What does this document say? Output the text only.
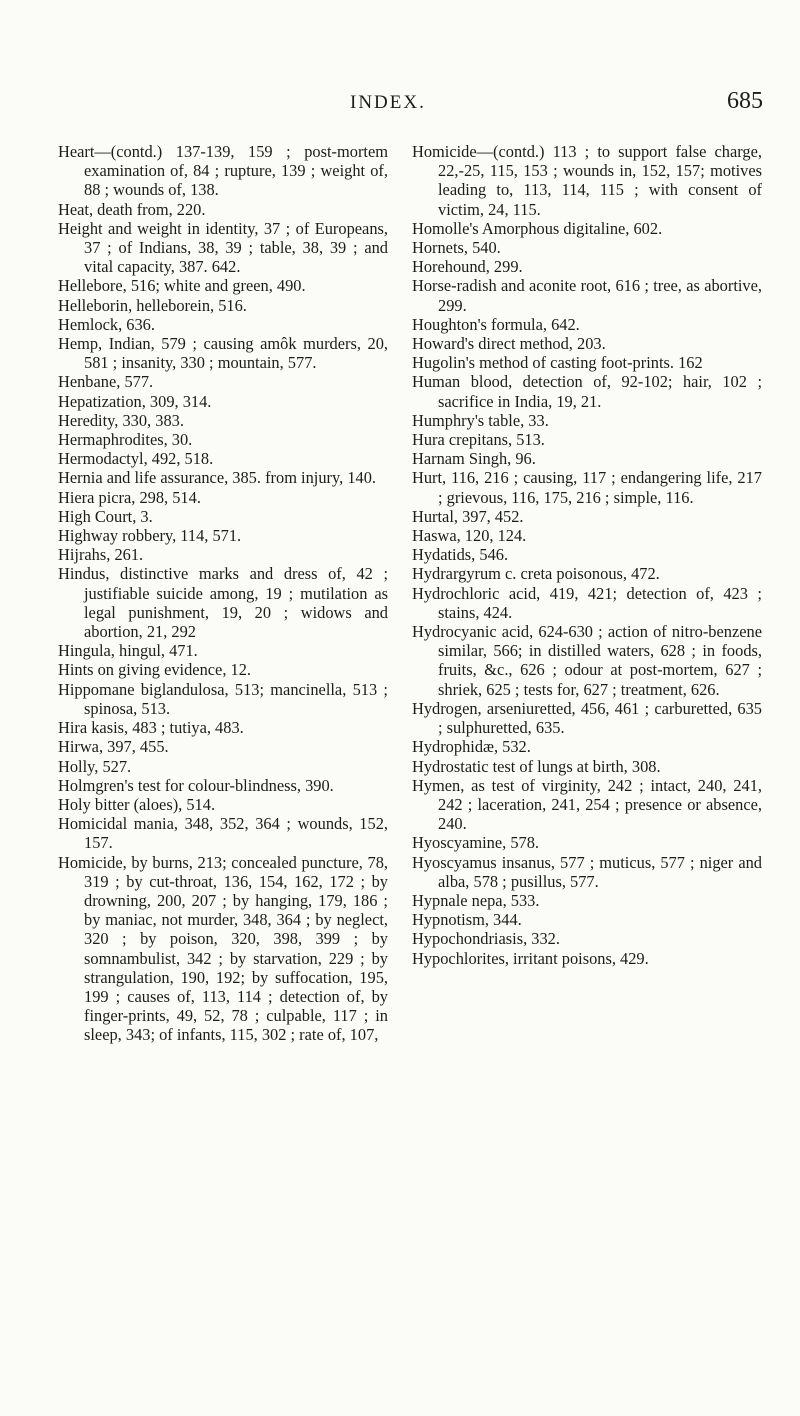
INDEX.	685
Heart—(contd.) 137-139, 159 ; post-mortem examination of, 84 ; rupture, 139 ; weight of, 88 ; wounds of, 138.
Heat, death from, 220.
Height and weight in identity, 37 ; of Europeans, 37 ; of Indians, 38, 39 ; table, 38, 39 ; and vital capacity, 387. 642.
Hellebore, 516; white and green, 490.
Helleborin, helleborein, 516.
Hemlock, 636.
Hemp, Indian, 579 ; causing amôk murders, 20, 581 ; insanity, 330 ; mountain, 577.
Henbane, 577.
Hepatization, 309, 314.
Heredity, 330, 383.
Hermaphrodites, 30.
Hermodactyl, 492, 518.
Hernia and life assurance, 385. from injury, 140.
Hiera picra, 298, 514.
High Court, 3.
Highway robbery, 114, 571.
Hijrahs, 261.
Hindus, distinctive marks and dress of, 42 ; justifiable suicide among, 19 ; mutilation as legal punishment, 19, 20 ; widows and abortion, 21, 292
Hingula, hingul, 471.
Hints on giving evidence, 12.
Hippomane biglandulosa, 513; mancinella, 513 ; spinosa, 513.
Hira kasis, 483 ; tutiya, 483.
Hirwa, 397, 455.
Holly, 527.
Holmgren's test for colour-blindness, 390.
Holy bitter (aloes), 514.
Homicidal mania, 348, 352, 364 ; wounds, 152, 157.
Homicide, by burns, 213; concealed puncture, 78, 319 ; by cut-throat, 136, 154, 162, 172 ; by drowning, 200, 207 ; by hanging, 179, 186 ; by maniac, not murder, 348, 364 ; by neglect, 320 ; by poison, 320, 398, 399 ; by somnambulist, 342 ; by starvation, 229 ; by strangulation, 190, 192; by suffocation, 195, 199 ; causes of, 113, 114 ; detection of, by finger-prints, 49, 52, 78 ; culpable, 117 ; in sleep, 343; of infants, 115, 302 ; rate of, 107,
Homicide—(contd.) 113 ; to support false charge, 22,-25, 115, 153 ; wounds in, 152, 157; motives leading to, 113, 114, 115 ; with consent of victim, 24, 115.
Homolle's Amorphous digitaline, 602.
Hornets, 540.
Horehound, 299.
Horse-radish and aconite root, 616 ; tree, as abortive, 299.
Houghton's formula, 642.
Howard's direct method, 203.
Hugolin's method of casting foot-prints. 162
Human blood, detection of, 92-102; hair, 102 ; sacrifice in India, 19, 21.
Humphry's table, 33.
Hura crepitans, 513.
Harnam Singh, 96.
Hurt, 116, 216 ; causing, 117 ; endangering life, 217 ; grievous, 116, 175, 216 ; simple, 116.
Hurtal, 397, 452.
Haswa, 120, 124.
Hydatids, 546.
Hydrargyrum c. creta poisonous, 472.
Hydrochloric acid, 419, 421; detection of, 423 ; stains, 424.
Hydrocyanic acid, 624-630 ; action of nitro-benzene similar, 566; in distilled waters, 628 ; in foods, fruits, &c., 626 ; odour at post-mortem, 627 ; shriek, 625 ; tests for, 627 ; treatment, 626.
Hydrogen, arseniuretted, 456, 461 ; carburetted, 635 ; sulphuretted, 635.
Hydrophidæ, 532.
Hydrostatic test of lungs at birth, 308.
Hymen, as test of virginity, 242 ; intact, 240, 241, 242 ; laceration, 241, 254 ; presence or absence, 240.
Hyoscyamine, 578.
Hyoscyamus insanus, 577 ; muticus, 577 ; niger and alba, 578 ; pusillus, 577.
Hypnale nepa, 533.
Hypnotism, 344.
Hypochondriasis, 332.
Hypochlorites, irritant poisons, 429.
